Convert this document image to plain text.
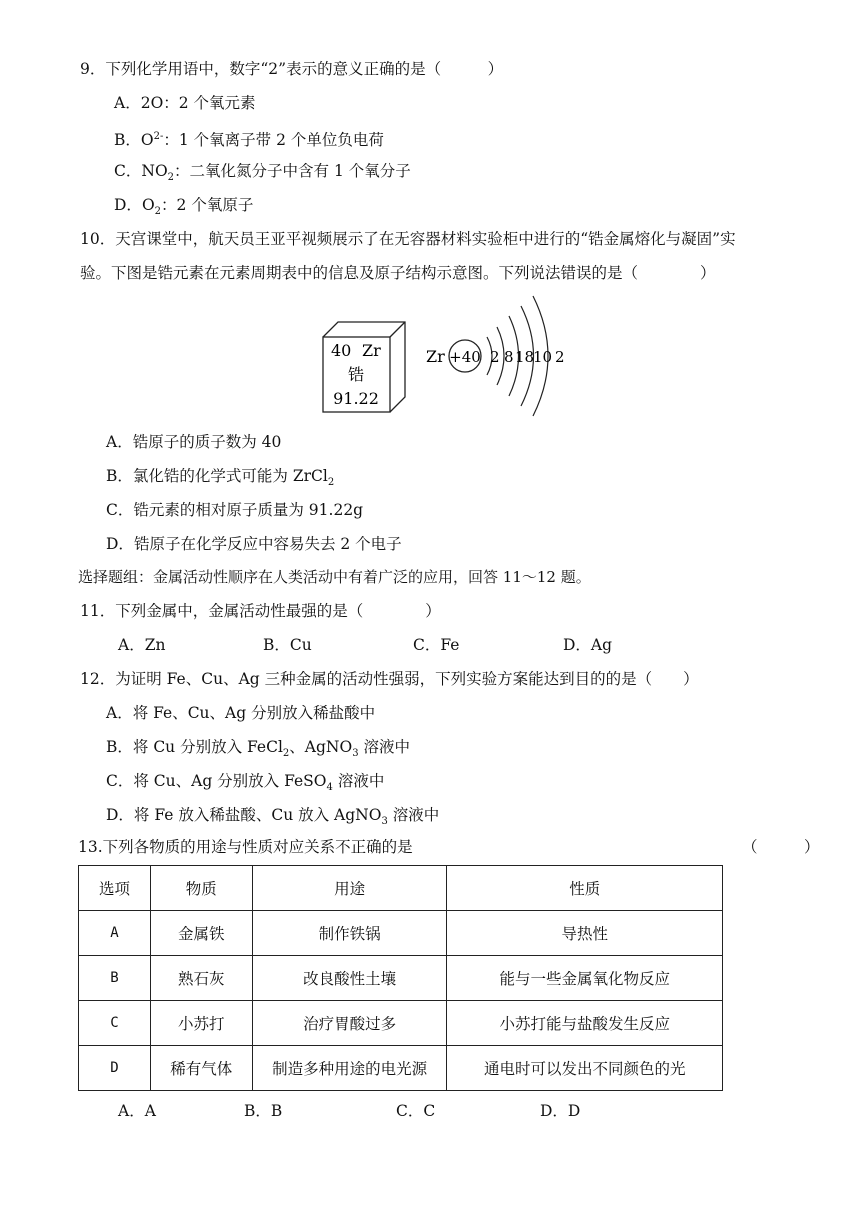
9．下列化学用语中，数字“2”表示的意义正确的是（　　　）
A．2O：2 个氧元素
B．$O^{2-}$：1 个氧离子带 2 个单位负电荷
C．$NO_2$：二氧化氮分子中含有 1 个氧分子
D．$O_2$：2 个氧原子
10．天宫课堂中，航天员王亚平视频展示了在无容器材料实验柜中进行的“锆金属熔化与凝固”实
验。下图是锆元素在元素周期表中的信息及原子结构示意图。下列说法错误的是（　　　　）
40 Zr
锆
91.22
Zr +40 2 8 18
10 2
A．锆原子的质子数为 40
B．氯化锆的化学式可能为 ZrCl$_2$
C．锆元素的相对原子质量为 91.22g
D．锆原子在化学反应中容易失去 2 个电子
选择题组：金属活动性顺序在人类活动中有着广泛的应用，回答 11～12 题。
11．下列金属中，金属活动性最强的是（　　　　）
A．Zn	B．Cu	C．Fe	D．Ag
12．为证明 Fe、Cu、Ag 三种金属的活动性强弱，下列实验方案能达到目的的是（　　）
A．将 Fe、Cu、Ag 分别放入稀盐酸中
B．将 Cu 分别放入 FeCl$_2$、AgNO$_3$ 溶液中
C．将 Cu、Ag 分别放入 FeSO$_4$ 溶液中
D．将 Fe 放入稀盐酸、Cu 放入 AgNO$_3$ 溶液中
13.下列各物质的用途与性质对应关系不正确的是	（　　　）
选项	物质	用途	性质
A	金属铁	制作铁锅	导热性
B	熟石灰	改良酸性土壤	能与一些金属氧化物反应
C	小苏打	治疗胃酸过多	小苏打能与盐酸发生反应
D	稀有气体	制造多种用途的电光源	通电时可以发出不同颜色的光
A．A	B．B	C．C	D．D
